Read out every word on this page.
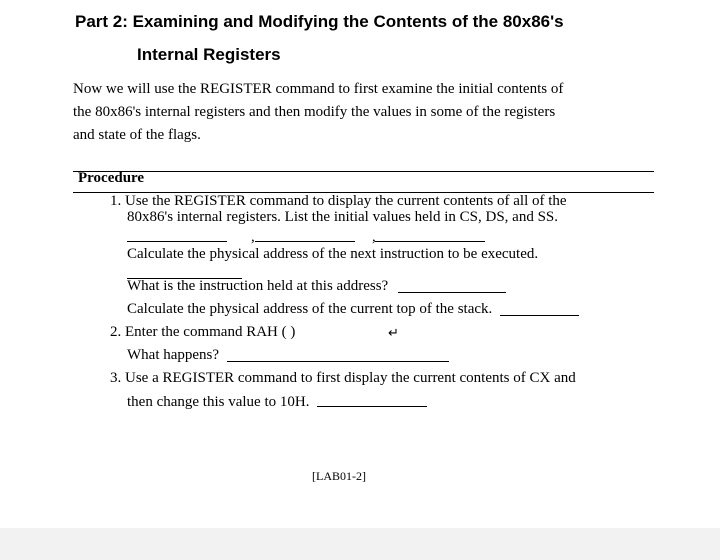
Part 2: Examining and Modifying the Contents of the 80x86's
Internal Registers
Now we will use the REGISTER command to first examine the initial contents of
the 80x86's internal registers and then modify the values in some of the registers
and state of the flags.
Procedure
1. Use the REGISTER command to display the current contents of all of the
80x86's internal registers. List the initial values held in CS, DS, and SS.
,	,
Calculate the physical address of the next instruction to be executed.
What is the instruction held at this address?
Calculate the physical address of the current top of the stack.
2. Enter the command RAH ( )	↵
What happens?
3. Use a REGISTER command to first display the current contents of CX and
then change this value to 10H.
[LAB01-2]
